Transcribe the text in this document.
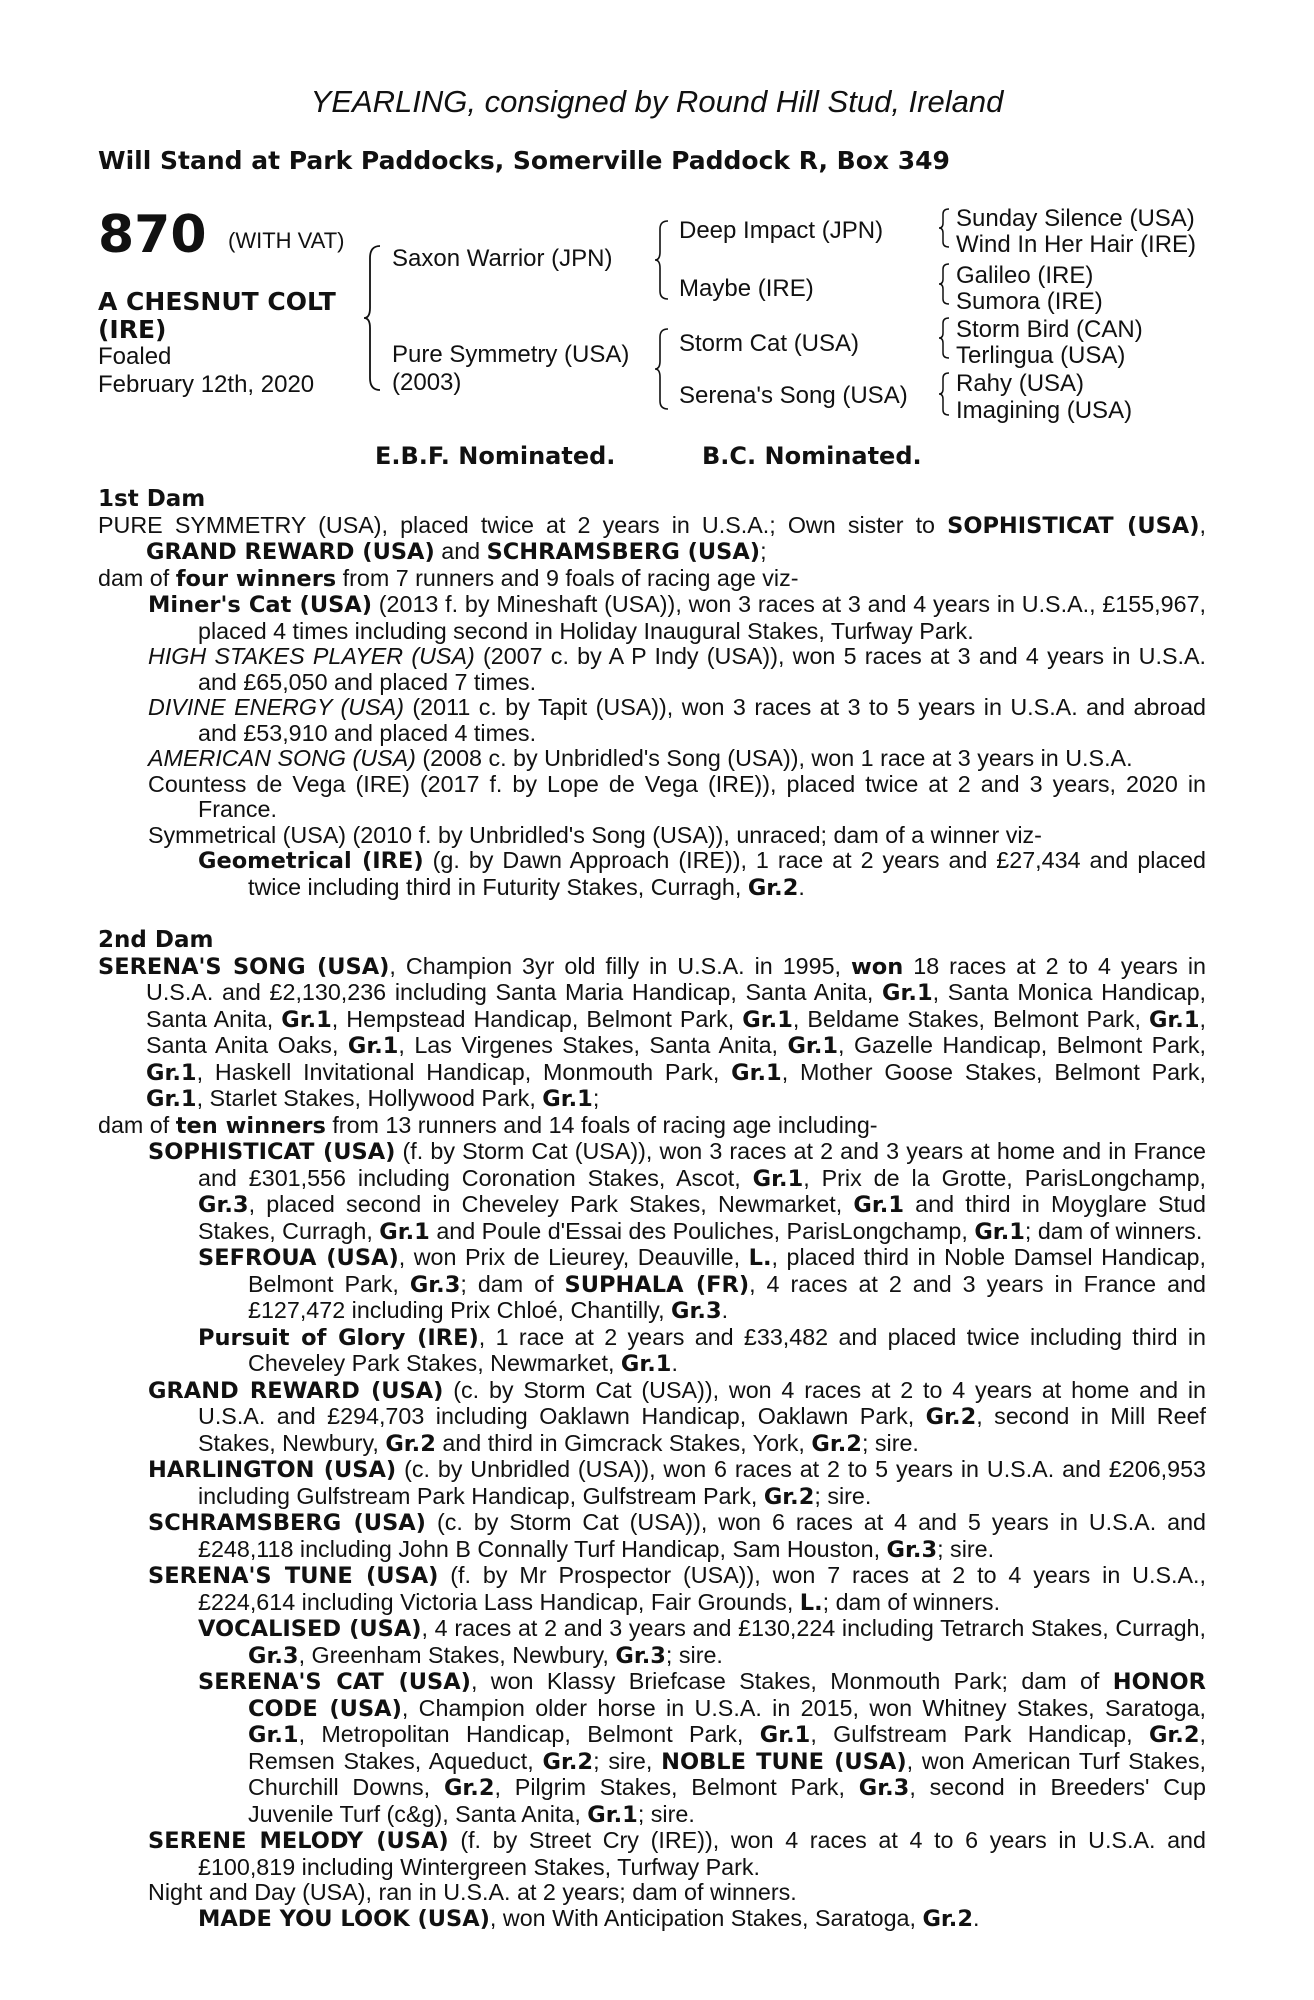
YEARLING, consigned by Round Hill Stud, Ireland
Will Stand at Park Paddocks, Somerville Paddock R, Box 349
870 (WITH VAT)
A CHESNUT COLT
(IRE)
Foaled
February 12th, 2020
Saxon Warrior (JPN)
Pure Symmetry (USA)
(2003)
Deep Impact (JPN)
Maybe (IRE)
Storm Cat (USA)
Serena's Song (USA)
Sunday Silence (USA)
Wind In Her Hair (IRE)
Galileo (IRE)
Sumora (IRE)
Storm Bird (CAN)
Terlingua (USA)
Rahy (USA)
Imagining (USA)
E.B.F. Nominated.	B.C. Nominated.
1st Dam
PURE SYMMETRY (USA), placed twice at 2 years in U.S.A.; Own sister to SOPHISTICAT (USA), GRAND REWARD (USA) and SCHRAMSBERG (USA);
dam of four winners from 7 runners and 9 foals of racing age viz-
Miner's Cat (USA) (2013 f. by Mineshaft (USA)), won 3 races at 3 and 4 years in U.S.A., £155,967, placed 4 times including second in Holiday Inaugural Stakes, Turfway Park.
HIGH STAKES PLAYER (USA) (2007 c. by A P Indy (USA)), won 5 races at 3 and 4 years in U.S.A. and £65,050 and placed 7 times.
DIVINE ENERGY (USA) (2011 c. by Tapit (USA)), won 3 races at 3 to 5 years in U.S.A. and abroad and £53,910 and placed 4 times.
AMERICAN SONG (USA) (2008 c. by Unbridled's Song (USA)), won 1 race at 3 years in U.S.A.
Countess de Vega (IRE) (2017 f. by Lope de Vega (IRE)), placed twice at 2 and 3 years, 2020 in France.
Symmetrical (USA) (2010 f. by Unbridled's Song (USA)), unraced; dam of a winner viz-
Geometrical (IRE) (g. by Dawn Approach (IRE)), 1 race at 2 years and £27,434 and placed twice including third in Futurity Stakes, Curragh, Gr.2.
2nd Dam
SERENA'S SONG (USA), Champion 3yr old filly in U.S.A. in 1995, won 18 races at 2 to 4 years in U.S.A. and £2,130,236 including Santa Maria Handicap, Santa Anita, Gr.1, Santa Monica Handicap, Santa Anita, Gr.1, Hempstead Handicap, Belmont Park, Gr.1, Beldame Stakes, Belmont Park, Gr.1, Santa Anita Oaks, Gr.1, Las Virgenes Stakes, Santa Anita, Gr.1, Gazelle Handicap, Belmont Park, Gr.1, Haskell Invitational Handicap, Monmouth Park, Gr.1, Mother Goose Stakes, Belmont Park, Gr.1, Starlet Stakes, Hollywood Park, Gr.1;
dam of ten winners from 13 runners and 14 foals of racing age including-
SOPHISTICAT (USA) (f. by Storm Cat (USA)), won 3 races at 2 and 3 years at home and in France and £301,556 including Coronation Stakes, Ascot, Gr.1, Prix de la Grotte, ParisLongchamp, Gr.3, placed second in Cheveley Park Stakes, Newmarket, Gr.1 and third in Moyglare Stud Stakes, Curragh, Gr.1 and Poule d'Essai des Pouliches, ParisLongchamp, Gr.1; dam of winners.
SEFROUA (USA), won Prix de Lieurey, Deauville, L., placed third in Noble Damsel Handicap, Belmont Park, Gr.3; dam of SUPHALA (FR), 4 races at 2 and 3 years in France and £127,472 including Prix Chloé, Chantilly, Gr.3.
Pursuit of Glory (IRE), 1 race at 2 years and £33,482 and placed twice including third in Cheveley Park Stakes, Newmarket, Gr.1.
GRAND REWARD (USA) (c. by Storm Cat (USA)), won 4 races at 2 to 4 years at home and in U.S.A. and £294,703 including Oaklawn Handicap, Oaklawn Park, Gr.2, second in Mill Reef Stakes, Newbury, Gr.2 and third in Gimcrack Stakes, York, Gr.2; sire.
HARLINGTON (USA) (c. by Unbridled (USA)), won 6 races at 2 to 5 years in U.S.A. and £206,953 including Gulfstream Park Handicap, Gulfstream Park, Gr.2; sire.
SCHRAMSBERG (USA) (c. by Storm Cat (USA)), won 6 races at 4 and 5 years in U.S.A. and £248,118 including John B Connally Turf Handicap, Sam Houston, Gr.3; sire.
SERENA'S TUNE (USA) (f. by Mr Prospector (USA)), won 7 races at 2 to 4 years in U.S.A., £224,614 including Victoria Lass Handicap, Fair Grounds, L.; dam of winners.
VOCALISED (USA), 4 races at 2 and 3 years and £130,224 including Tetrarch Stakes, Curragh, Gr.3, Greenham Stakes, Newbury, Gr.3; sire.
SERENA'S CAT (USA), won Klassy Briefcase Stakes, Monmouth Park; dam of HONOR CODE (USA), Champion older horse in U.S.A. in 2015, won Whitney Stakes, Saratoga, Gr.1, Metropolitan Handicap, Belmont Park, Gr.1, Gulfstream Park Handicap, Gr.2, Remsen Stakes, Aqueduct, Gr.2; sire, NOBLE TUNE (USA), won American Turf Stakes, Churchill Downs, Gr.2, Pilgrim Stakes, Belmont Park, Gr.3, second in Breeders' Cup Juvenile Turf (c&g), Santa Anita, Gr.1; sire.
SERENE MELODY (USA) (f. by Street Cry (IRE)), won 4 races at 4 to 6 years in U.S.A. and £100,819 including Wintergreen Stakes, Turfway Park.
Night and Day (USA), ran in U.S.A. at 2 years; dam of winners.
MADE YOU LOOK (USA), won With Anticipation Stakes, Saratoga, Gr.2.
